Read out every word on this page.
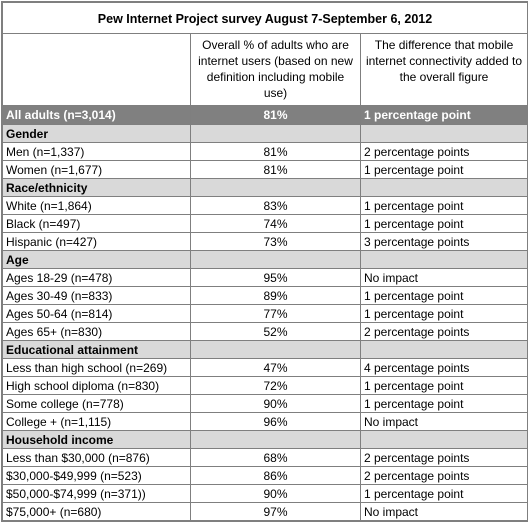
Pew Internet Project survey August 7-September 6, 2012		
	Overall % of adults who are internet users (based on new definition including mobile use)	The difference that mobile internet connectivity added to the overall figure
All adults (n=3,014)	81%	1 percentage point
Gender		
Men (n=1,337)	81%	2 percentage points
Women (n=1,677)	81%	1 percentage point
Race/ethnicity		
White (n=1,864)	83%	1 percentage point
Black (n=497)	74%	1 percentage point
Hispanic (n=427)	73%	3 percentage points
Age		
Ages 18-29 (n=478)	95%	No impact
Ages 30-49 (n=833)	89%	1 percentage point
Ages 50-64 (n=814)	77%	1 percentage point
Ages 65+ (n=830)	52%	2 percentage points
Educational attainment		
Less than high school (n=269)	47%	4 percentage points
High school diploma (n=830)	72%	1 percentage point
Some college (n=778)	90%	1 percentage point
College + (n=1,115)	96%	No impact
Household income		
Less than $30,000 (n=876)	68%	2 percentage points
$30,000-$49,999 (n=523)	86%	2 percentage points
$50,000-$74,999 (n=371))	90%	1 percentage point
$75,000+ (n=680)	97%	No impact
